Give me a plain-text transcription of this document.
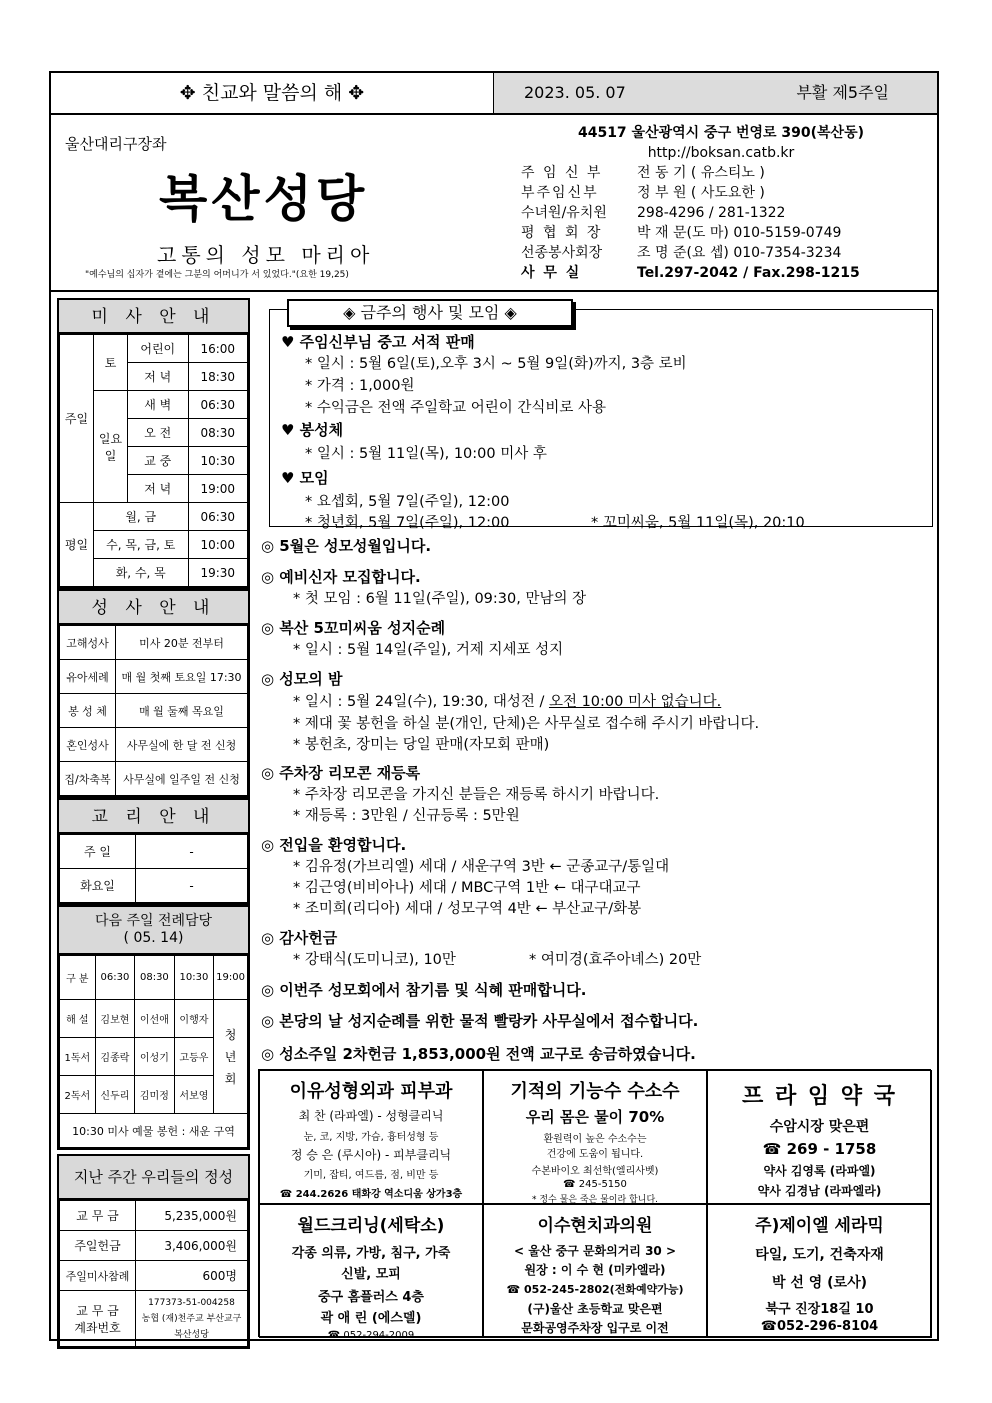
✥ 친교와 말씀의 해 ✥	2023. 05. 07	부활 제5주일
울산대리구장좌
복산성당
고통의 성모 마리아
"예수님의 십자가 곁에는 그분의 어머니가 서 있었다."(요한 19,25)
44517 울산광역시 중구 번영로 390(복산동)
http://boksan.catb.kr
주 임 신 부 전 동 기 ( 유스티노 )
부주임신부	정 부 원 ( 사도요한 )
수녀원/유치원 298-4296 / 281-1322
평 협 회 장 박 재 문(도 마) 010-5159-0749
선종봉사회장 조 명 준(요 셉) 010-7354-3234
사 무 실	Tel.297-2042 / Fax.298-1215
미 사 안 내
주일	토	어린이	16:00
		저 녁	18:30
	일요일	새 벽	06:30
		오 전	08:30
		교 중	10:30
		저 녁	19:00
평일	월, 금		06:30
	수, 목, 금, 토		10:00
	화, 수, 목		19:30
성 사 안 내
고해성사	미사 20분 전부터
유아세례	매 월 첫째 토요일 17:30
봉 성 체	매 월 둘째 목요일
혼인성사	사무실에 한 달 전 신청
집/차축복	사무실에 일주일 전 신청
교 리 안 내
주 일	-
화요일	-
다음 주일 전례담당
( 05. 14)
구 분	06:30	08:30	10:30	19:00
해 설	김보현	이선애	이행자	청년회
1독서	김종락	이성기	고등우	
2독서	신두리	김미정	서보영	
10:30 미사 예물 봉헌 : 새운 구역				
지난 주간 우리들의 정성
교 무 금	5,235,000원
주일헌금	3,406,000원
주일미사참례	600명
교 무 금 계좌번호	177373-51-004258
농협 (재)천주교 부산교구
복산성당
◈ 금주의 행사 및 모임 ◈
♥ 주임신부님 중고 서적 판매
* 일시 : 5월 6일(토),오후 3시 ~ 5월 9일(화)까지, 3층 로비
* 가격 : 1,000원
* 수익금은 전액 주일학교 어린이 간식비로 사용
♥ 봉성체
* 일시 : 5월 11일(목), 10:00 미사 후
♥ 모임
* 요셉회, 5월 7일(주일), 12:00
* 청년회, 5월 7일(주일), 12:00	* 꼬미씨움, 5월 11일(목), 20:10
◎ 5월은 성모성월입니다.
◎ 예비신자 모집합니다.
* 첫 모임 : 6월 11일(주일), 09:30, 만남의 장
◎ 복산 5꼬미씨움 성지순례
* 일시 : 5월 14일(주일), 거제 지세포 성지
◎ 성모의 밤
* 일시 : 5월 24일(수), 19:30, 대성전 / 오전 10:00 미사 없습니다.
* 제대 꽃 봉헌을 하실 분(개인, 단체)은 사무실로 접수해 주시기 바랍니다.
* 봉헌초, 장미는 당일 판매(자모회 판매)
◎ 주차장 리모콘 재등록
* 주차장 리모콘을 가지신 분들은 재등록 하시기 바랍니다.
* 재등록 : 3만원 / 신규등록 : 5만원
◎ 전입을 환영합니다.
* 김유정(가브리엘) 세대 / 새운구역 3반 ← 군종교구/통일대
* 김근영(비비아나) 세대 / MBC구역 1반 ← 대구대교구
* 조미희(리디아) 세대 / 성모구역 4반 ← 부산교구/화봉
◎ 감사헌금
* 강태식(도미니코), 10만	* 여미경(효주아녜스) 20만
◎ 이번주 성모회에서 참기름 및 식혜 판매합니다.
◎ 본당의 날 성지순례를 위한 물적 빨랑카 사무실에서 접수합니다.
◎ 성소주일 2차헌금 1,853,000원 전액 교구로 송금하였습니다.
이유성형외과 피부과
최 찬 (라파엘) - 성형클리닉
눈, 코, 지방, 가슴, 흉터성형 등
정 승 은 (루시아) - 피부클리닉
기미, 잡티, 여드름, 점, 비만 등
☎ 244.2626 태화강 역소디움 상가3층
기적의 기능수 수소수
우리 몸은 물이 70%
환원력이 높은 수소수는
건강에 도움이 됩니다.
수본바이오 최선학(엘리사벳)
☎ 245-5150
* 정수 물은 죽은 물이라 합니다.
프 라 임 약 국
수암시장 맞은편
☎ 269 - 1758
약사 김영록 (라파엘)
약사 김경남 (라파엘라)
월드크리닝(세탁소)
각종 의류, 가방, 침구, 가죽
신발, 모피
중구 홈플러스 4층
곽 애 린 (에스델)
☎ 052-294-2009
이수현치과의원
< 울산 중구 문화의거리 30 >
원장 : 이 수 현 (미카엘라)
☎ 052-245-2802(전화예약가능)
(구)울산 초등학교 맞은편
문화공영주차장 입구로 이전
주)제이엘 세라믹
타일, 도기, 건축자재
박 선 영 (로사)
북구 진장18길 10
☎052-296-8104
